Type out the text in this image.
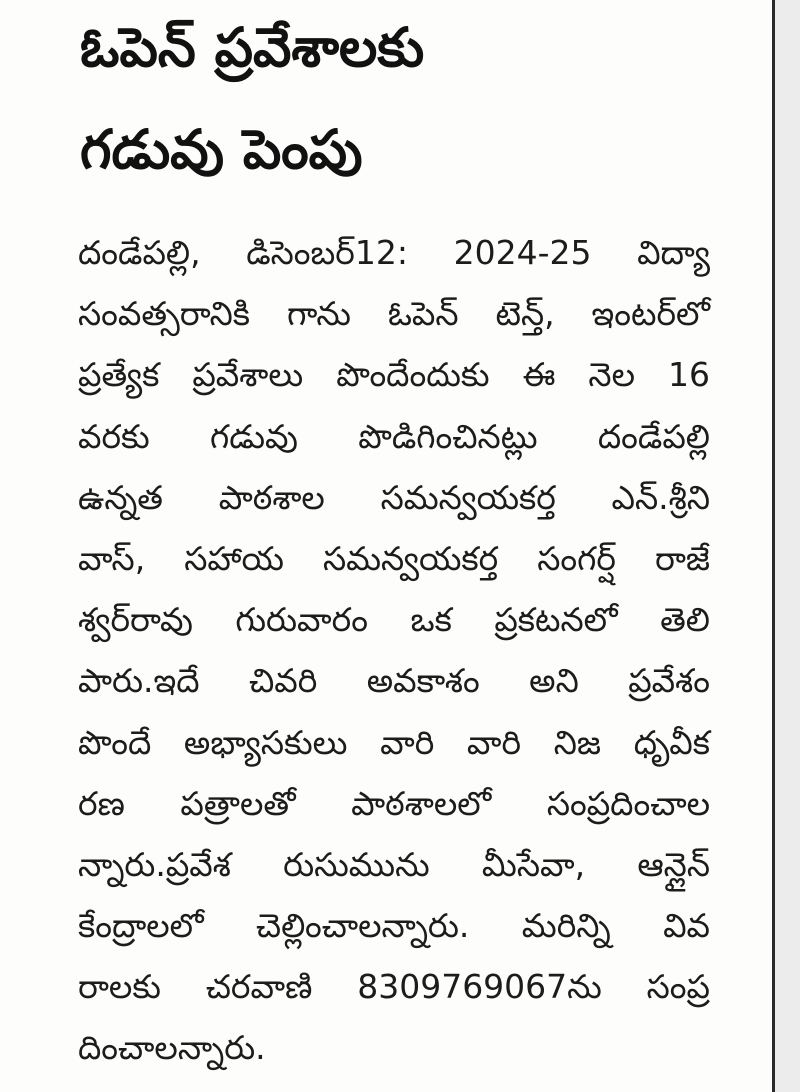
ఓపెన్ ప్రవేశాలకు
గడువు పెంపు
దండేపల్లి, డిసెంబర్12: 2024-25 విద్యా
సంవత్సరానికి గాను ఓపెన్ టెన్త్, ఇంటర్‌లో
ప్రత్యేక ప్రవేశాలు పొందేందుకు ఈ నెల 16
వరకు గడువు పొడిగించినట్లు దండేపల్లి
ఉన్నత పాఠశాల సమన్వయకర్త ఎన్.శ్రీని
వాస్, సహాయ సమన్వయకర్త సంగర్ష్ రాజే
శ్వర్‌రావు గురువారం ఒక ప్రకటనలో తెలి
పారు.ఇదే చివరి అవకాశం అని ప్రవేశం
పొందే అభ్యాసకులు వారి వారి నిజ ధృవీక
రణ పత్రాలతో పాఠశాలలో సంప్రదించాల
న్నారు.ప్రవేశ రుసుమును మీసేవా, ఆన్లైన్
కేంద్రాలలో చెల్లించాలన్నారు. మరిన్ని వివ
రాలకు చరవాణి 8309769067ను సంప్ర
దించాలన్నారు.
